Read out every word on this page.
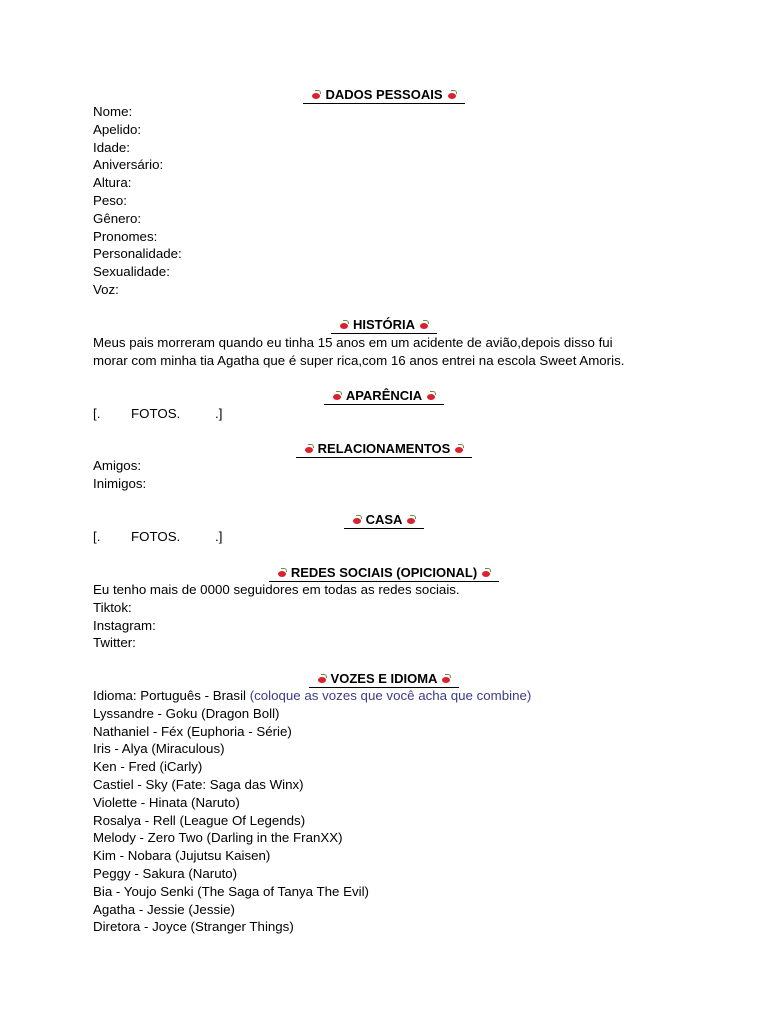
DADOS PESSOAIS
Nome:
Apelido:
Idade:
Aniversário:
Altura:
Peso:
Gênero:
Pronomes:
Personalidade:
Sexualidade:
Voz:
HISTÓRIA
Meus pais morreram quando eu tinha 15 anos em um acidente de avião,depois disso fui
morar com minha tia Agatha que é super rica,com 16 anos entrei na escola Sweet Amoris.
APARÊNCIA
[. FOTOS.	.]
RELACIONAMENTOS
Amigos:
Inimigos:
CASA
[. FOTOS.	.]
REDES SOCIAIS (OPICIONAL)
Eu tenho mais de 0000 seguidores em todas as redes sociais.
Tiktok:
Instagram:
Twitter:
VOZES E IDIOMA
Idioma: Português - Brasil (coloque as vozes que você acha que combine)
Lyssandre - Goku (Dragon Boll)
Nathaniel - Féx (Euphoria - Série)
Iris - Alya (Miraculous)
Ken - Fred (iCarly)
Castiel - Sky (Fate: Saga das Winx)
Violette - Hinata (Naruto)
Rosalya - Rell (League Of Legends)
Melody - Zero Two (Darling in the FranXX)
Kim - Nobara (Jujutsu Kaisen)
Peggy - Sakura (Naruto)
Bia - Youjo Senki (The Saga of Tanya The Evil)
Agatha - Jessie (Jessie)
Diretora - Joyce (Stranger Things)
